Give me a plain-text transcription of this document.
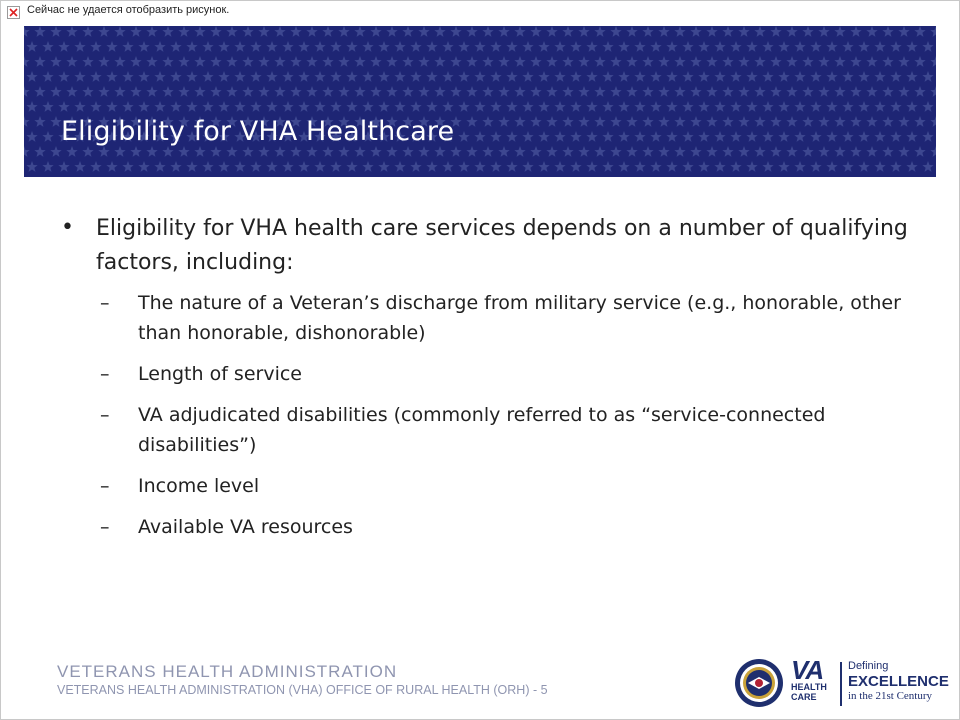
Сейчас не удается отобразить рисунок.
Eligibility for VHA Healthcare
• Eligibility for VHA health care services depends on a number of qualifying factors, including:
– The nature of a Veteran’s discharge from military service (e.g., honorable, other than honorable, dishonorable)
– Length of service
– VA adjudicated disabilities (commonly referred to as “service-connected disabilities”)
– Income level
– Available VA resources
VETERANS HEALTH ADMINISTRATION
VETERANS HEALTH ADMINISTRATION (VHA) OFFICE OF RURAL HEALTH (ORH) - 5
VA
HEALTH
CARE
Defining
EXCELLENCE
in the 21st Century
